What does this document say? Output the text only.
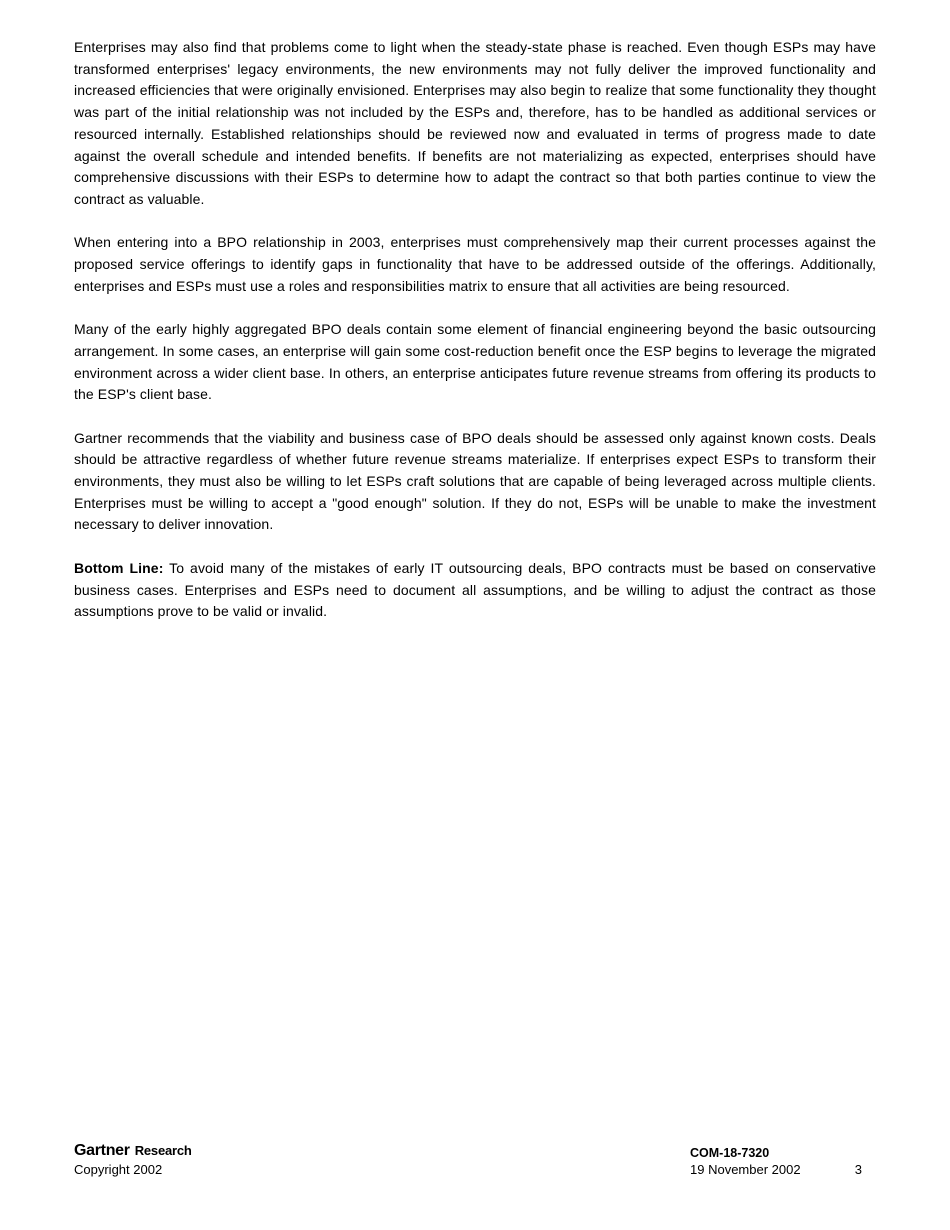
Enterprises may also find that problems come to light when the steady-state phase is reached. Even though ESPs may have transformed enterprises' legacy environments, the new environments may not fully deliver the improved functionality and increased efficiencies that were originally envisioned. Enterprises may also begin to realize that some functionality they thought was part of the initial relationship was not included by the ESPs and, therefore, has to be handled as additional services or resourced internally. Established relationships should be reviewed now and evaluated in terms of progress made to date against the overall schedule and intended benefits. If benefits are not materializing as expected, enterprises should have comprehensive discussions with their ESPs to determine how to adapt the contract so that both parties continue to view the contract as valuable.

When entering into a BPO relationship in 2003, enterprises must comprehensively map their current processes against the proposed service offerings to identify gaps in functionality that have to be addressed outside of the offerings. Additionally, enterprises and ESPs must use a roles and responsibilities matrix to ensure that all activities are being resourced.

Many of the early highly aggregated BPO deals contain some element of financial engineering beyond the basic outsourcing arrangement. In some cases, an enterprise will gain some cost-reduction benefit once the ESP begins to leverage the migrated environment across a wider client base. In others, an enterprise anticipates future revenue streams from offering its products to the ESP's client base.

Gartner recommends that the viability and business case of BPO deals should be assessed only against known costs. Deals should be attractive regardless of whether future revenue streams materialize. If enterprises expect ESPs to transform their environments, they must also be willing to let ESPs craft solutions that are capable of being leveraged across multiple clients. Enterprises must be willing to accept a "good enough" solution. If they do not, ESPs will be unable to make the investment necessary to deliver innovation.

Bottom Line: To avoid many of the mistakes of early IT outsourcing deals, BPO contracts must be based on conservative business cases. Enterprises and ESPs need to document all assumptions, and be willing to adjust the contract as those assumptions prove to be valid or invalid.

Gartner Research
Copyright 2002
COM-18-7320
19 November 2002	3
